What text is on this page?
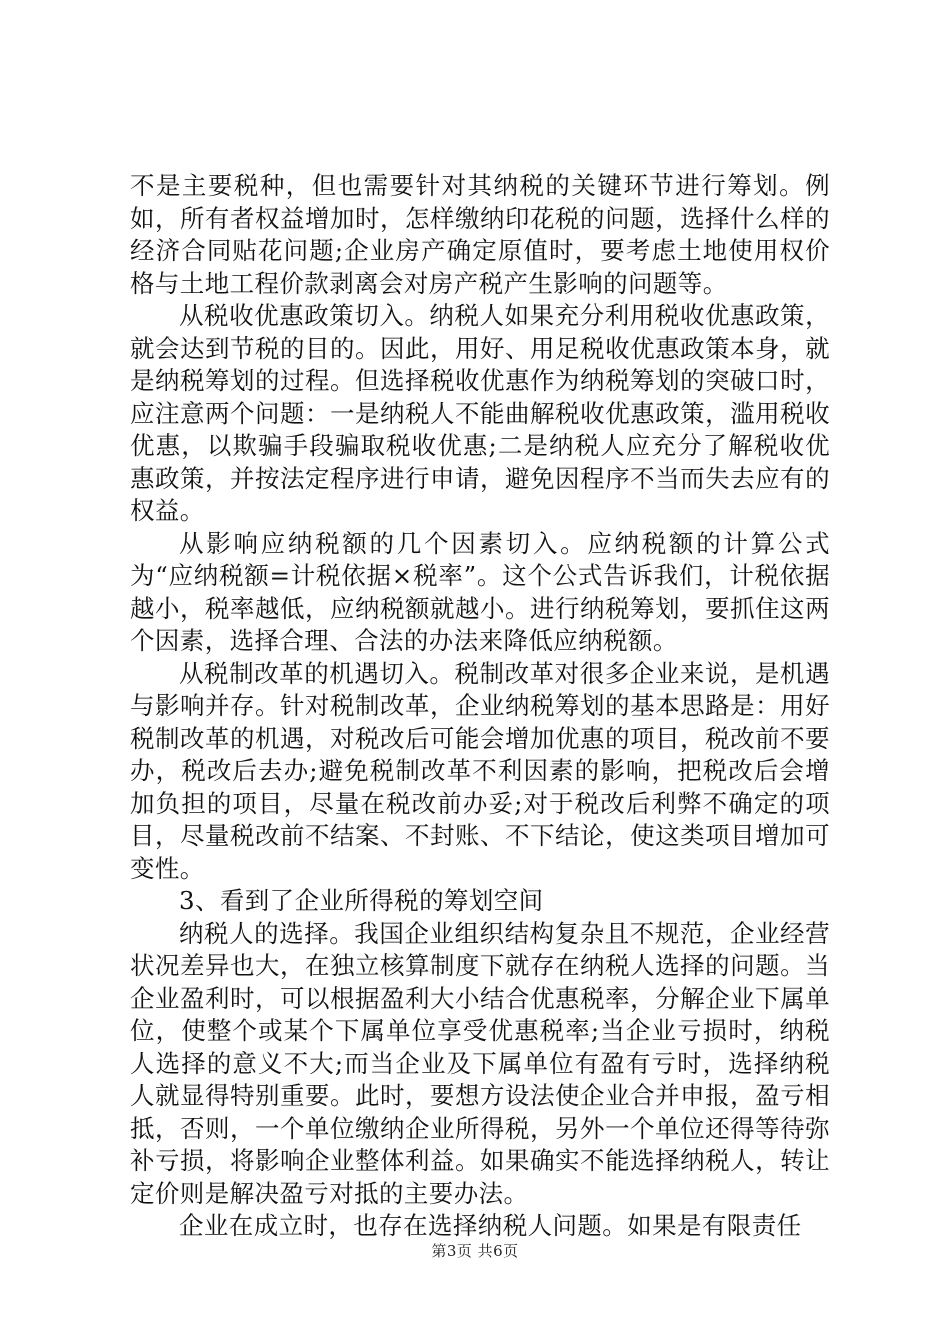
不是主要税种，但也需要针对其纳税的关键环节进行筹划。例如，所有者权益增加时，怎样缴纳印花税的问题，选择什么样的经济合同贴花问题;企业房产确定原值时，要考虑土地使用权价格与土地工程价款剥离会对房产税产生影响的问题等。

从税收优惠政策切入。纳税人如果充分利用税收优惠政策，就会达到节税的目的。因此，用好、用足税收优惠政策本身，就是纳税筹划的过程。但选择税收优惠作为纳税筹划的突破口时，应注意两个问题：一是纳税人不能曲解税收优惠政策，滥用税收优惠，以欺骗手段骗取税收优惠;二是纳税人应充分了解税收优惠政策，并按法定程序进行申请，避免因程序不当而失去应有的权益。

从影响应纳税额的几个因素切入。应纳税额的计算公式为“应纳税额=计税依据×税率”。这个公式告诉我们，计税依据越小，税率越低，应纳税额就越小。进行纳税筹划，要抓住这两个因素，选择合理、合法的办法来降低应纳税额。

从税制改革的机遇切入。税制改革对很多企业来说，是机遇与影响并存。针对税制改革，企业纳税筹划的基本思路是：用好税制改革的机遇，对税改后可能会增加优惠的项目，税改前不要办，税改后去办;避免税制改革不利因素的影响，把税改后会增加负担的项目，尽量在税改前办妥;对于税改后利弊不确定的项目，尽量税改前不结案、不封账、不下结论，使这类项目增加可变性。

3、看到了企业所得税的筹划空间

纳税人的选择。我国企业组织结构复杂且不规范，企业经营状况差异也大，在独立核算制度下就存在纳税人选择的问题。当企业盈利时，可以根据盈利大小结合优惠税率，分解企业下属单位，使整个或某个下属单位享受优惠税率;当企业亏损时，纳税人选择的意义不大;而当企业及下属单位有盈有亏时，选择纳税人就显得特别重要。此时，要想方设法使企业合并申报，盈亏相抵，否则，一个单位缴纳企业所得税，另外一个单位还得等待弥补亏损，将影响企业整体利益。如果确实不能选择纳税人，转让定价则是解决盈亏对抵的主要办法。

企业在成立时，也存在选择纳税人问题。如果是有限责任

第3页 共6页
